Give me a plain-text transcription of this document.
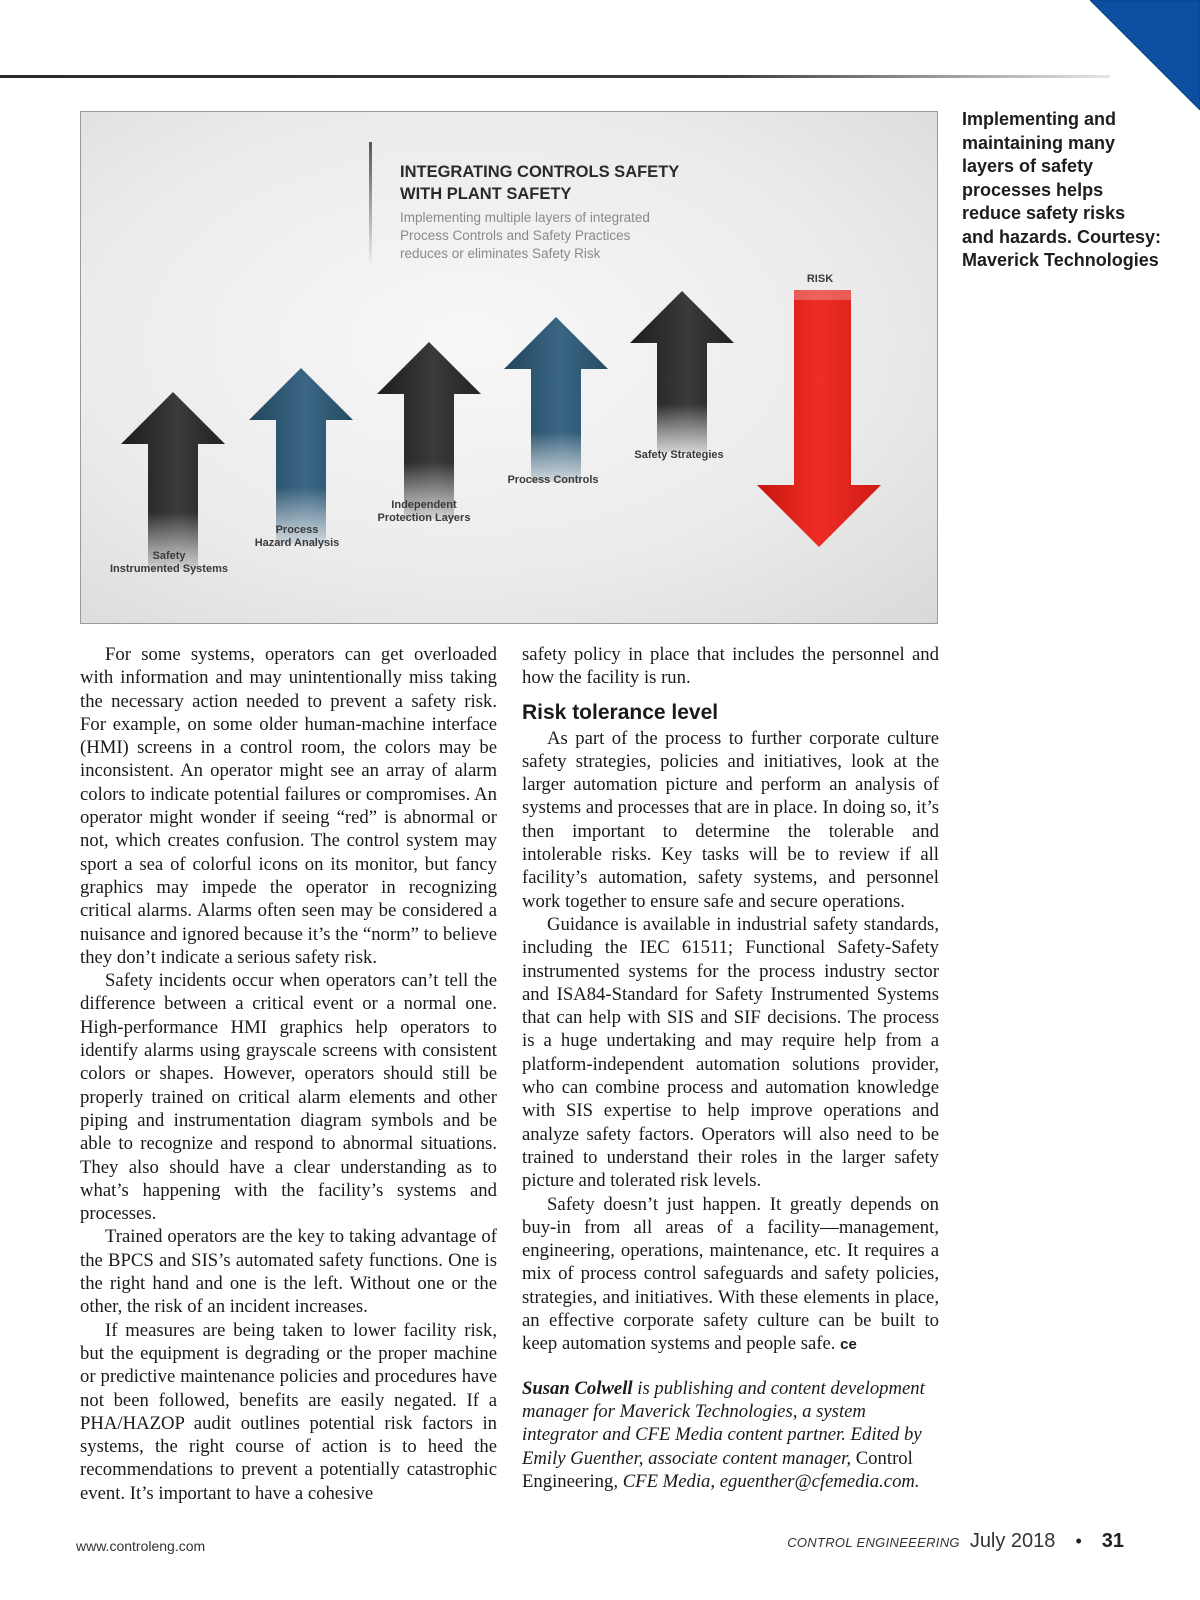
INTEGRATING CONTROLS SAFETY
WITH PLANT SAFETY
Implementing multiple layers of integrated
Process Controls and Safety Practices
reduces or eliminates Safety Risk
Safety
Instrumented Systems
Process
Hazard Analysis
Independent
Protection Layers
Process Controls
Safety Strategies
RISK
Implementing and maintaining many layers of safety processes helps reduce safety risks and hazards. Courtesy: Maverick Technologies

For some systems, operators can get overloaded with information and may unintentionally miss taking the necessary action needed to prevent a safety risk. For example, on some older human-machine interface (HMI) screens in a control room, the colors may be inconsistent. An operator might see an array of alarm colors to indicate potential failures or compromises. An operator might wonder if seeing “red” is abnormal or not, which creates confusion. The control system may sport a sea of colorful icons on its monitor, but fancy graphics may impede the operator in recognizing critical alarms. Alarms often seen may be considered a nuisance and ignored because it’s the “norm” to believe they don’t indicate a serious safety risk.

Safety incidents occur when operators can’t tell the difference between a critical event or a normal one. High-performance HMI graphics help operators to identify alarms using grayscale screens with consistent colors or shapes. However, operators should still be properly trained on critical alarm elements and other piping and instrumentation diagram symbols and be able to recognize and respond to abnormal situations. They also should have a clear understanding as to what’s happening with the facility’s systems and processes.

Trained operators are the key to taking advantage of the BPCS and SIS’s automated safety functions. One is the right hand and one is the left. Without one or the other, the risk of an incident increases.

If measures are being taken to lower facility risk, but the equipment is degrading or the proper machine or predictive maintenance policies and procedures have not been followed, benefits are easily negated. If a PHA/HAZOP audit outlines potential risk factors in systems, the right course of action is to heed the recommendations to prevent a potentially catastrophic event. It’s important to have a cohesive

safety policy in place that includes the personnel and how the facility is run.

Risk tolerance level

As part of the process to further corporate culture safety strategies, policies and initiatives, look at the larger automation picture and perform an analysis of systems and processes that are in place. In doing so, it’s then important to determine the tolerable and intolerable risks. Key tasks will be to review if all facility’s automation, safety systems, and personnel work together to ensure safe and secure operations.

Guidance is available in industrial safety standards, including the IEC 61511; Functional Safety-Safety instrumented systems for the process industry sector and ISA84-Standard for Safety Instrumented Systems that can help with SIS and SIF decisions. The process is a huge undertaking and may require help from a platform-independent automation solutions provider, who can combine process and automation knowledge with SIS expertise to help improve operations and analyze safety factors. Operators will also need to be trained to understand their roles in the larger safety picture and tolerated risk levels.

Safety doesn’t just happen. It greatly depends on buy-in from all areas of a facility—management, engineering, operations, maintenance, etc. It requires a mix of process control safeguards and safety policies, strategies, and initiatives. With these elements in place, an effective corporate safety culture can be built to keep automation systems and people safe. ce

Susan Colwell is publishing and content development manager for Maverick Technologies, a system integrator and CFE Media content partner. Edited by Emily Guenther, associate content manager, Control Engineering, CFE Media, eguenther@cfemedia.com.

www.controleng.com	CONTROL ENGINEEERING July 2018 • 31
